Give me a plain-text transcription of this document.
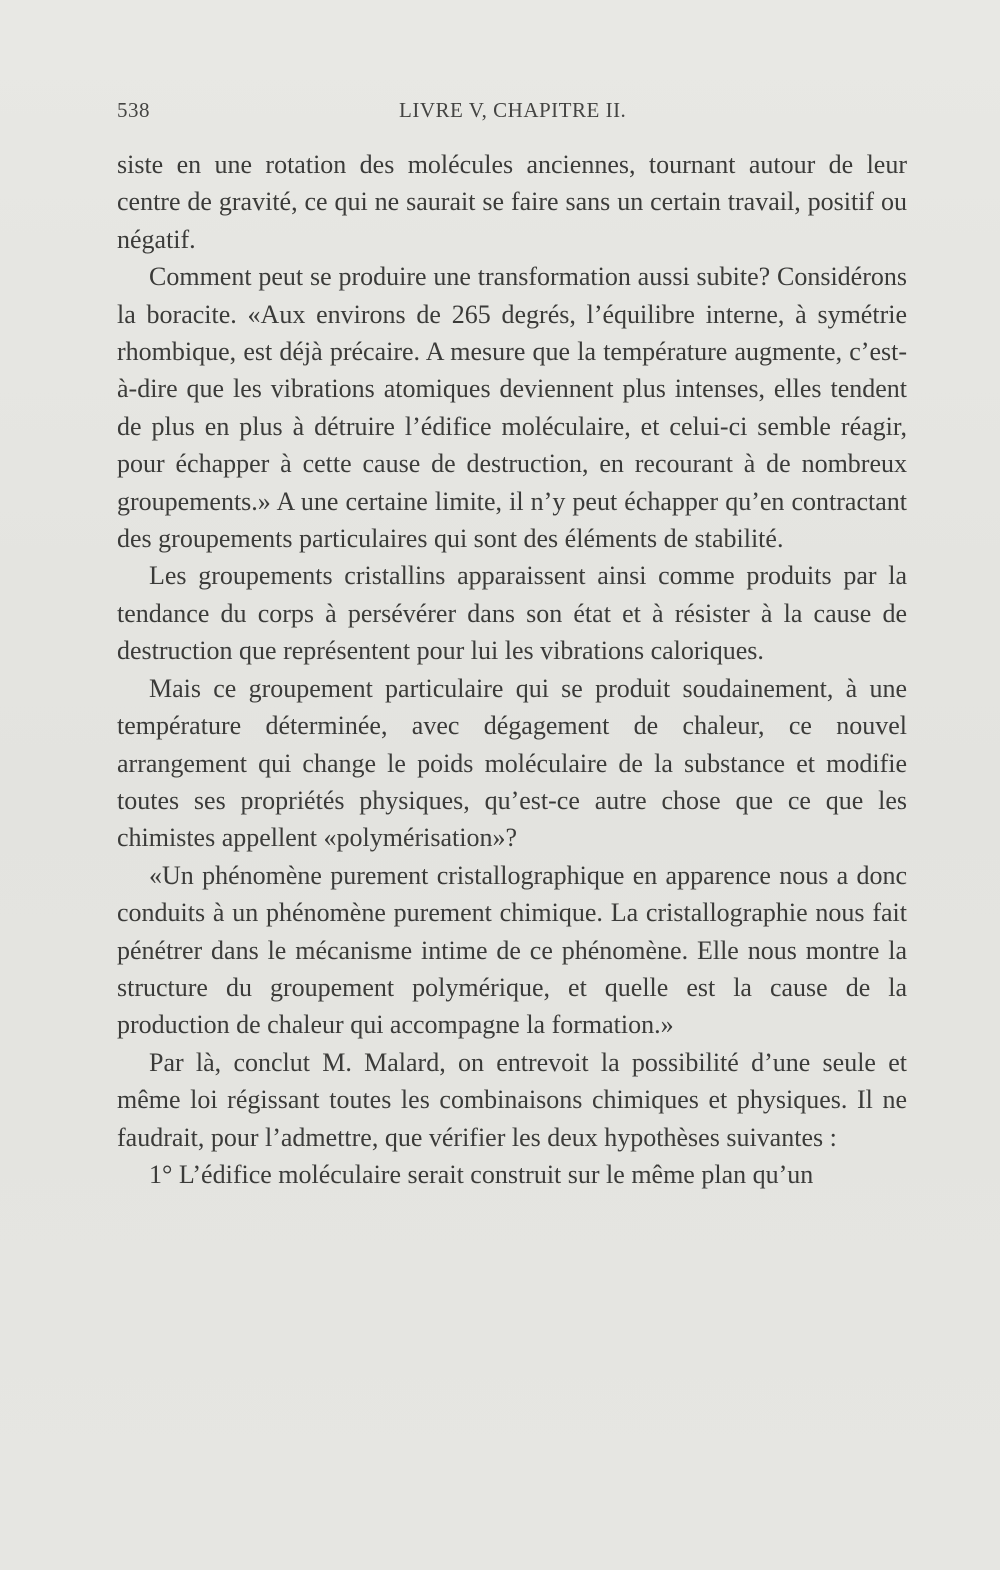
538	LIVRE V, CHAPITRE II.

siste en une rotation des molécules anciennes, tournant autour de leur centre de gravité, ce qui ne saurait se faire sans un certain travail, positif ou négatif.

Comment peut se produire une transformation aussi subite? Considérons la boracite. «Aux environs de 265 degrés, l’équilibre interne, à symétrie rhombique, est déjà précaire. A mesure que la température augmente, c’est-à-dire que les vibrations atomiques deviennent plus intenses, elles tendent de plus en plus à détruire l’édifice moléculaire, et celui-ci semble réagir, pour échapper à cette cause de destruction, en recourant à de nombreux groupements.» A une certaine limite, il n’y peut échapper qu’en contractant des groupements particulaires qui sont des éléments de stabilité.

Les groupements cristallins apparaissent ainsi comme produits par la tendance du corps à persévérer dans son état et à résister à la cause de destruction que représentent pour lui les vibrations caloriques.

Mais ce groupement particulaire qui se produit soudainement, à une température déterminée, avec dégagement de chaleur, ce nouvel arrangement qui change le poids moléculaire de la substance et modifie toutes ses propriétés physiques, qu’est-ce autre chose que ce que les chimistes appellent «polymérisation»?

«Un phénomène purement cristallographique en apparence nous a donc conduits à un phénomène purement chimique. La cristallographie nous fait pénétrer dans le mécanisme intime de ce phénomène. Elle nous montre la structure du groupement polymérique, et quelle est la cause de la production de chaleur qui accompagne la formation.»

Par là, conclut M. Malard, on entrevoit la possibilité d’une seule et même loi régissant toutes les combinaisons chimiques et physiques. Il ne faudrait, pour l’admettre, que vérifier les deux hypothèses suivantes :

1° L’édifice moléculaire serait construit sur le même plan qu’un
